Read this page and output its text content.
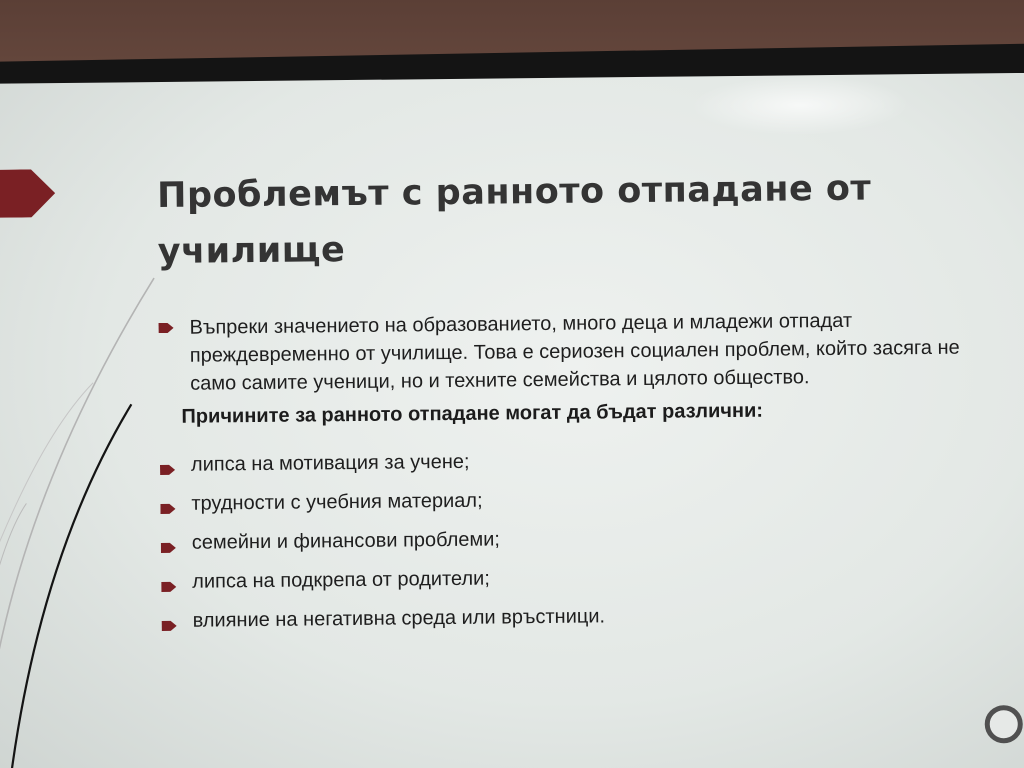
Проблемът с ранното отпадане от училище

Въпреки значението на образованието, много деца и младежи отпадат преждевременно от училище. Това е сериозен социален проблем, който засяга не само самите ученици, но и техните семейства и цялото общество.

Причините за ранното отпадане могат да бъдат различни:

липса на мотивация за учене;
трудности с учебния материал;
семейни и финансови проблеми;
липса на подкрепа от родители;
влияние на негативна среда или връстници.
